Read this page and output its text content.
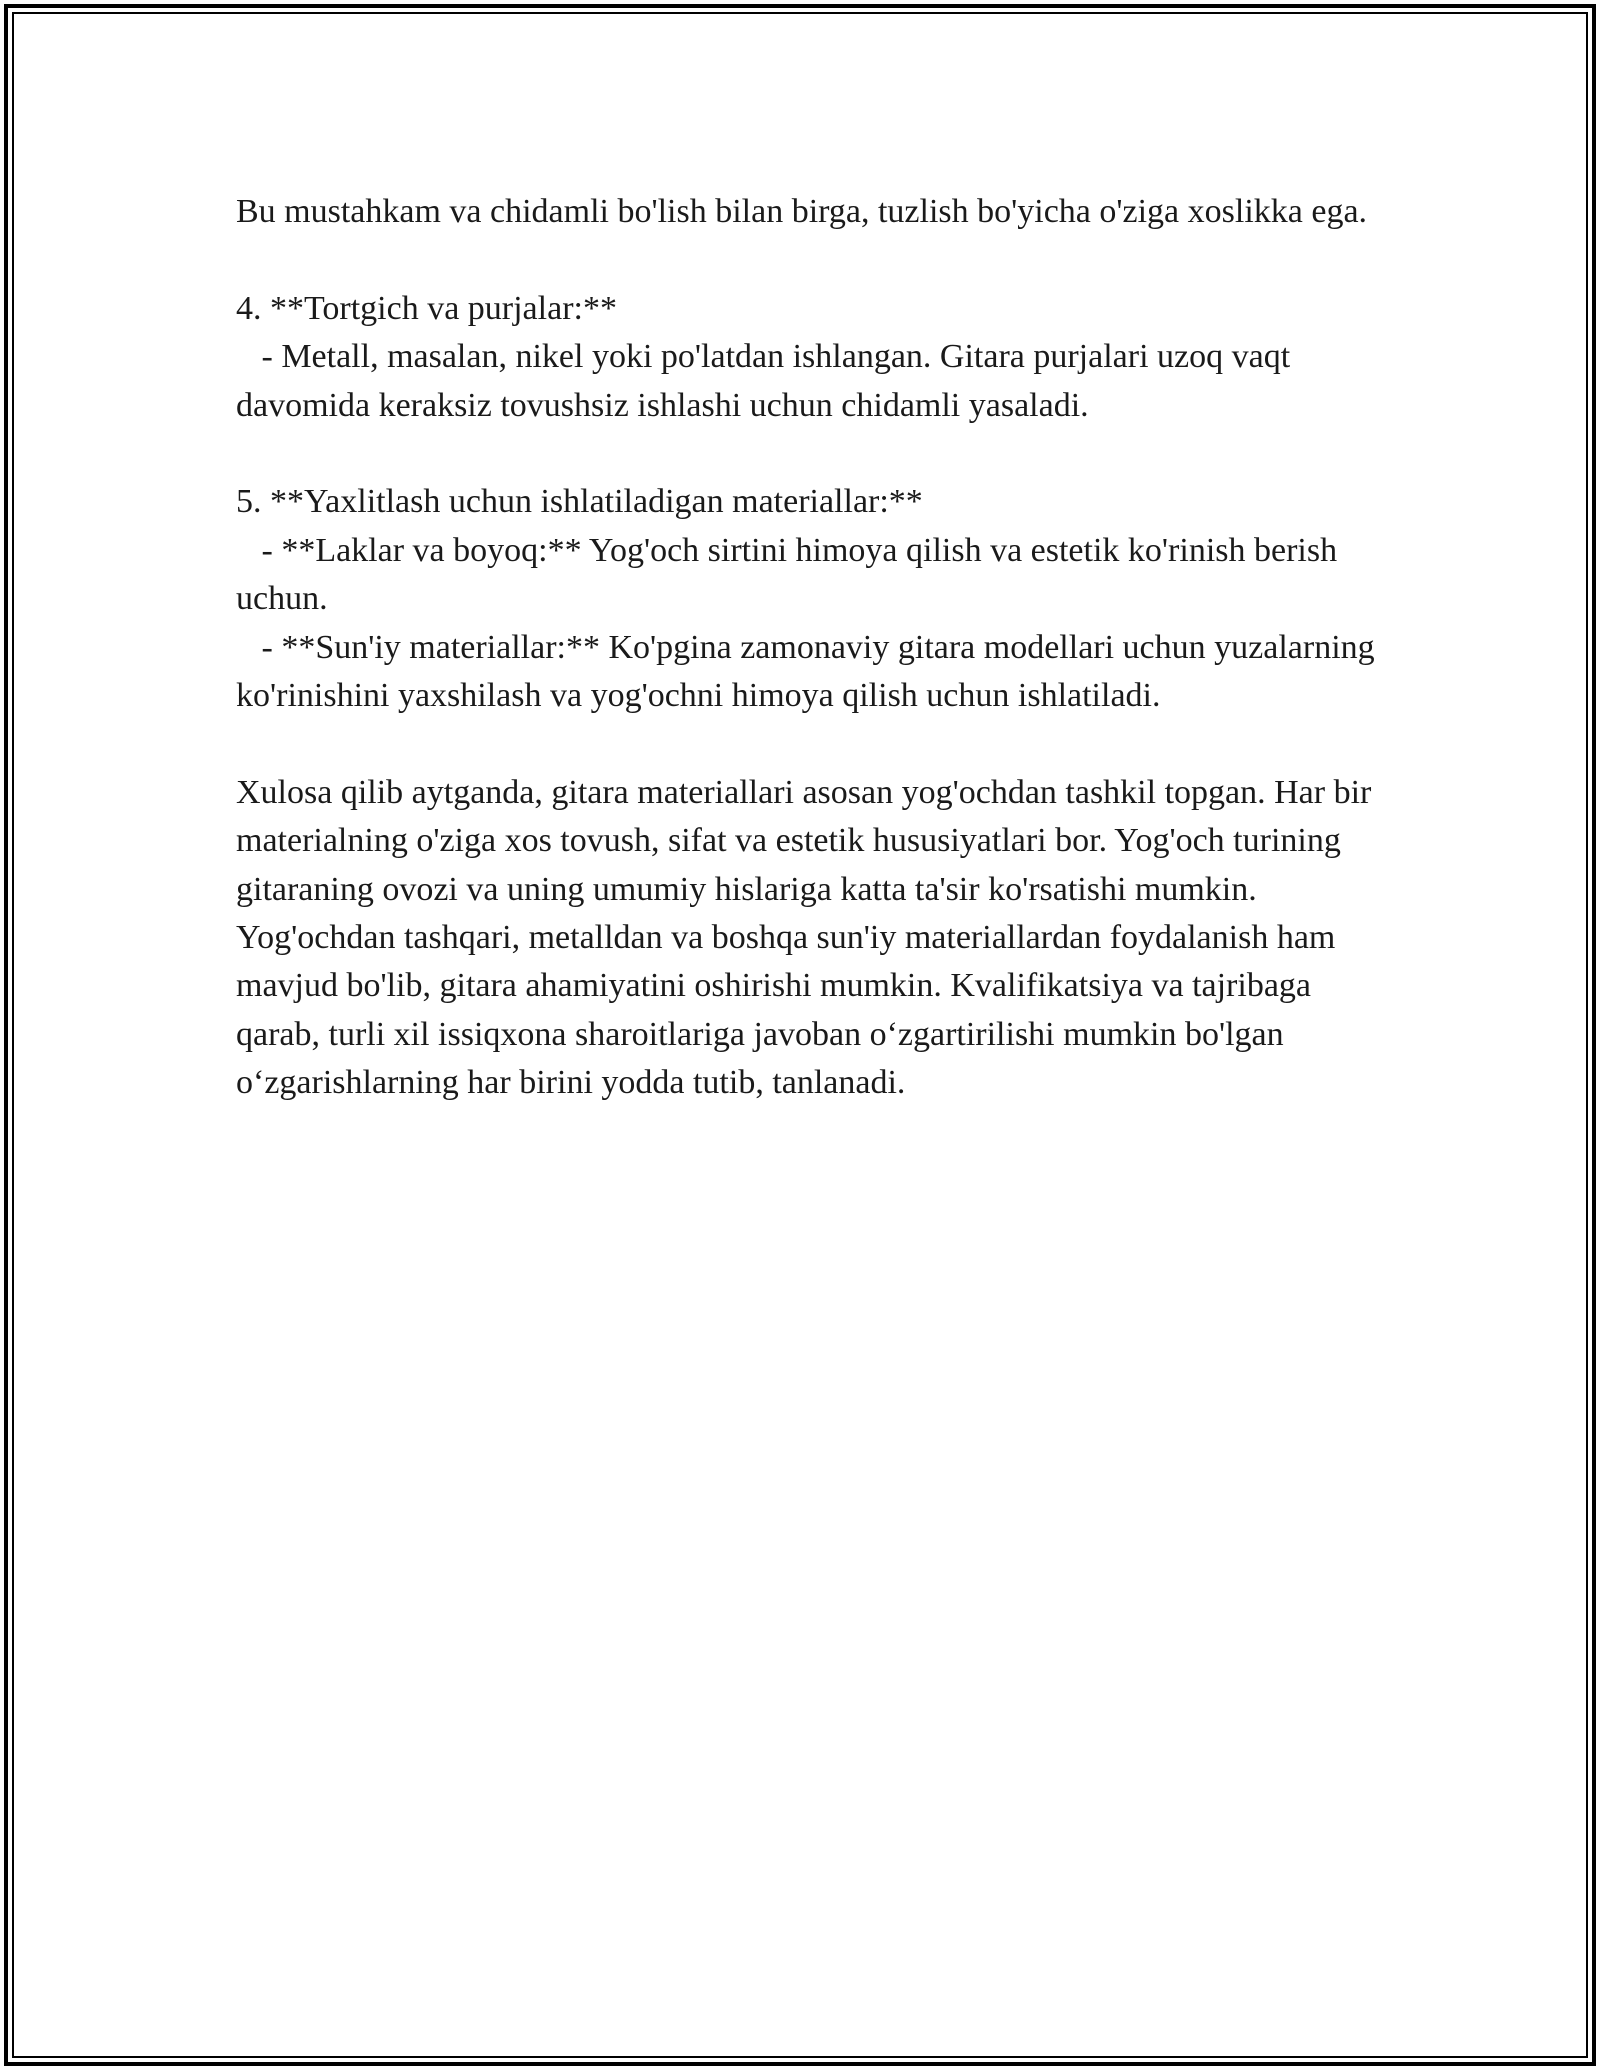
Bu mustahkam va chidamli bo'lish bilan birga, tuzlish bo'yicha o'ziga xoslikka ega.

4. **Tortgich va purjalar:**

- Metall, masalan, nikel yoki po'latdan ishlangan. Gitara purjalari uzoq vaqt davomida keraksiz tovushsiz ishlashi uchun chidamli yasaladi.

5. **Yaxlitlash uchun ishlatiladigan materiallar:**

- **Laklar va boyoq:** Yog'och sirtini himoya qilish va estetik ko'rinish berish uchun.

- **Sun'iy materiallar:** Ko'pgina zamonaviy gitara modellari uchun yuzalarning ko'rinishini yaxshilash va yog'ochni himoya qilish uchun ishlatiladi.

Xulosa qilib aytganda, gitara materiallari asosan yog'ochdan tashkil topgan. Har bir materialning o'ziga xos tovush, sifat va estetik hususiyatlari bor. Yog'och turining gitaraning ovozi va uning umumiy hislariga katta ta'sir ko'rsatishi mumkin. Yog'ochdan tashqari, metalldan va boshqa sun'iy materiallardan foydalanish ham mavjud bo'lib, gitara ahamiyatini oshirishi mumkin. Kvalifikatsiya va tajribaga qarab, turli xil issiqxona sharoitlariga javoban o‘zgartirilishi mumkin bo'lgan o‘zgarishlarning har birini yodda tutib, tanlanadi.
